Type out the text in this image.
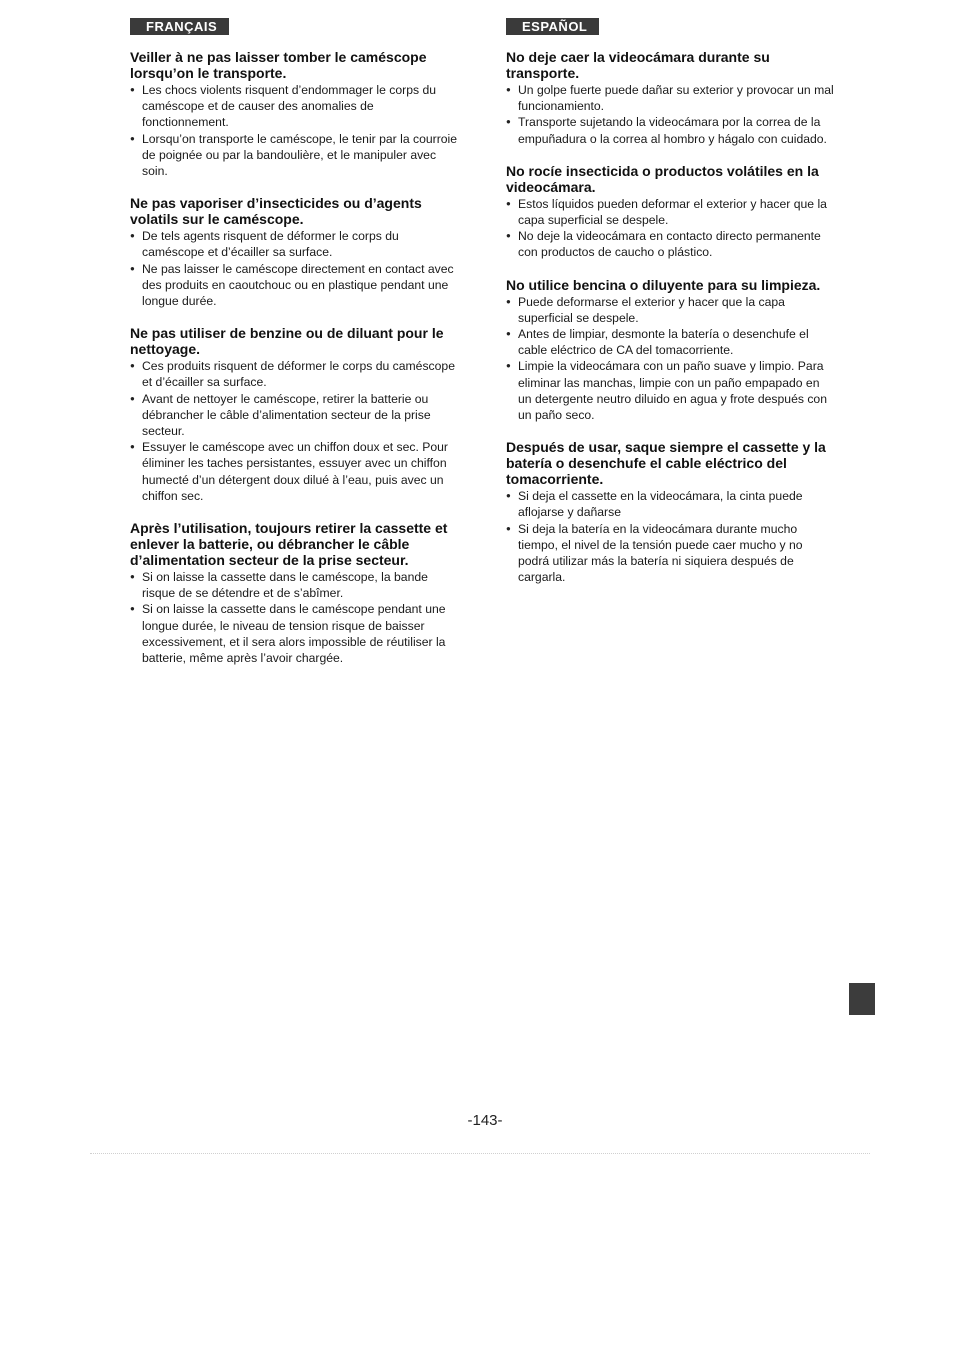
FRANÇAIS
Veiller à ne pas laisser tomber le caméscope lorsqu’on le transporte.
● Les chocs violents risquent d’endommager le corps du caméscope et de causer des anomalies de fonctionnement.
● Lorsqu’on transporte le caméscope, le tenir par la courroie de poignée ou par la bandoulière, et le manipuler avec soin.
Ne pas vaporiser d’insecticides ou d’agents volatils sur le caméscope.
● De tels agents risquent de déformer le corps du caméscope et d’écailler sa surface.
● Ne pas laisser le caméscope directement en contact avec des produits en caoutchouc ou en plastique pendant une longue durée.
Ne pas utiliser de benzine ou de diluant pour le nettoyage.
● Ces produits risquent de déformer le corps du caméscope et d’écailler sa surface.
● Avant de nettoyer le caméscope, retirer la batterie ou débrancher le câble d’alimentation secteur de la prise secteur.
● Essuyer le caméscope avec un chiffon doux et sec. Pour éliminer les taches persistantes, essuyer avec un chiffon humecté d’un détergent doux dilué à l’eau, puis avec un chiffon sec.
Après l’utilisation, toujours retirer la cassette et enlever la batterie, ou débrancher le câble d’alimentation secteur de la prise secteur.
● Si on laisse la cassette dans le caméscope, la bande risque de se détendre et de s’abîmer.
● Si on laisse la cassette dans le caméscope pendant une longue durée, le niveau de tension risque de baisser excessivement, et il sera alors impossible de réutiliser la batterie, même après l’avoir chargée.
ESPAÑOL
No deje caer la videocámara durante su transporte.
● Un golpe fuerte puede dañar su exterior y provocar un mal funcionamiento.
● Transporte sujetando la videocámara por la correa de la empuñadura o la correa al hombro y hágalo con cuidado.
No rocíe insecticida o productos volátiles en la videocámara.
● Estos líquidos pueden deformar el exterior y hacer que la capa superficial se despele.
● No deje la videocámara en contacto directo permanente con productos de caucho o plástico.
No utilice bencina o diluyente para su limpieza.
● Puede deformarse el exterior y hacer que la capa superficial se despele.
● Antes de limpiar, desmonte la batería o desenchufe el cable eléctrico de CA del tomacorriente.
● Limpie la videocámara con un paño suave y limpio. Para eliminar las manchas, limpie con un paño empapado en un detergente neutro diluido en agua y frote después con un paño seco.
Después de usar, saque siempre el cassette y la batería o desenchufe el cable eléctrico del tomacorriente.
● Si deja el cassette en la videocámara, la cinta puede aflojarse y dañarse
● Si deja la batería en la videocámara durante mucho tiempo, el nivel de la tensión puede caer mucho y no podrá utilizar más la batería ni siquiera después de cargarla.
-143-
